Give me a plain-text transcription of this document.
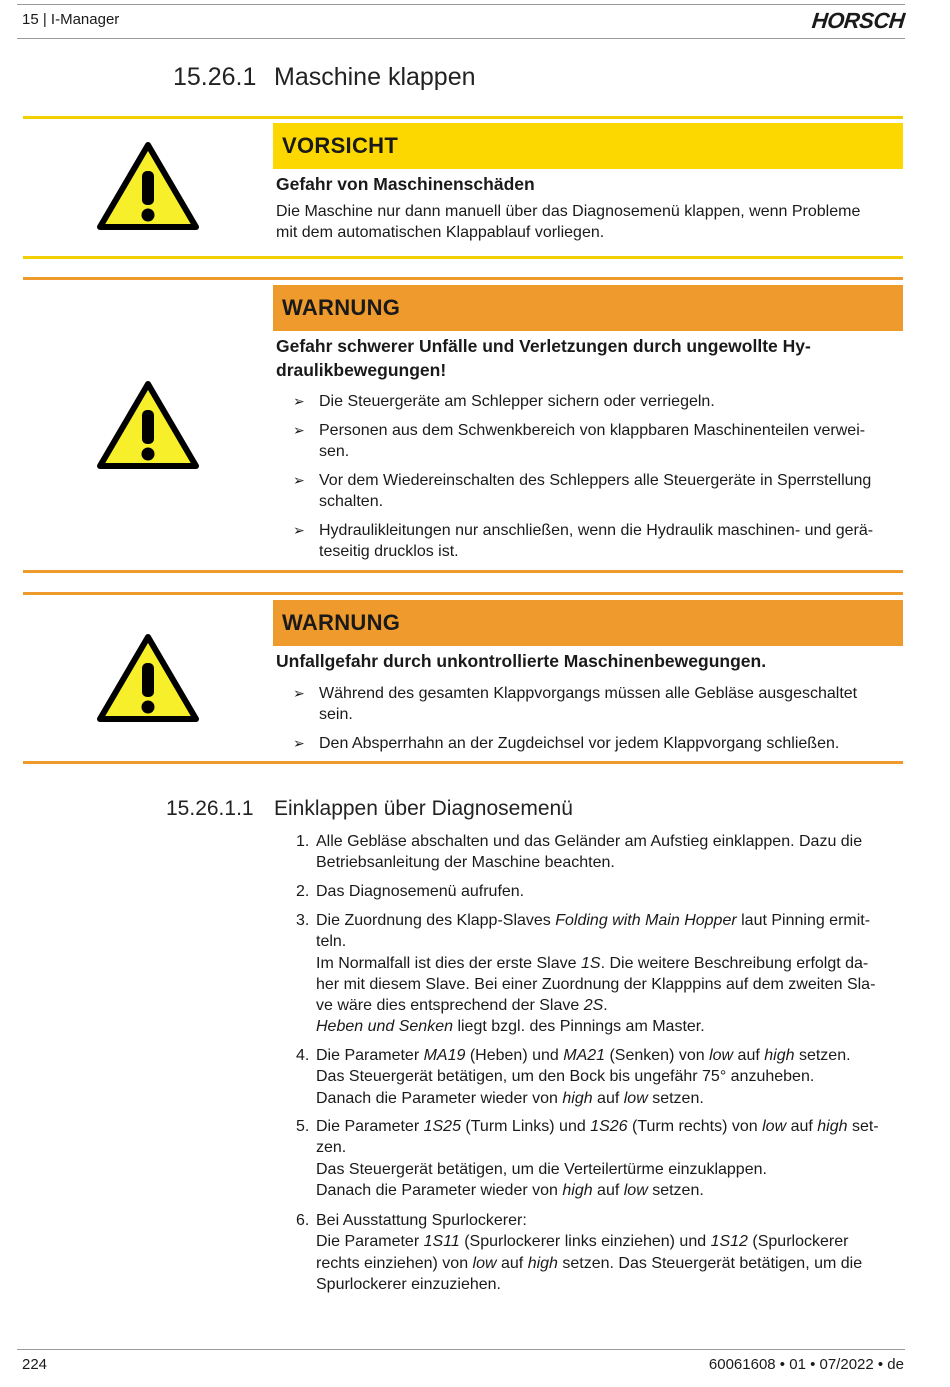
15 | I-Manager	HORSCH
15.26.1 Maschine klappen
VORSICHT
Gefahr von Maschinenschäden
Die Maschine nur dann manuell über das Diagnosemenü klappen, wenn Probleme
mit dem automatischen Klappablauf vorliegen.
WARNUNG
Gefahr schwerer Unfälle und Verletzungen durch ungewollte Hy-
draulikbewegungen!
➢ Die Steuergeräte am Schlepper sichern oder verriegeln.
➢ Personen aus dem Schwenkbereich von klappbaren Maschinenteilen verwei-
sen.
➢ Vor dem Wiedereinschalten des Schleppers alle Steuergeräte in Sperrstellung
schalten.
➢ Hydraulikleitungen nur anschließen, wenn die Hydraulik maschinen- und gerä-
teseitig drucklos ist.
WARNUNG
Unfallgefahr durch unkontrollierte Maschinenbewegungen.
➢ Während des gesamten Klappvorgangs müssen alle Gebläse ausgeschaltet
sein.
➢ Den Absperrhahn an der Zugdeichsel vor jedem Klappvorgang schließen.
15.26.1.1 Einklappen über Diagnosemenü
1. Alle Gebläse abschalten und das Geländer am Aufstieg einklappen. Dazu die
Betriebsanleitung der Maschine beachten.
2. Das Diagnosemenü aufrufen.
3. Die Zuordnung des Klapp-Slaves Folding with Main Hopper laut Pinning ermit-
teln.
Im Normalfall ist dies der erste Slave 1S. Die weitere Beschreibung erfolgt da-
her mit diesem Slave. Bei einer Zuordnung der Klapppins auf dem zweiten Sla-
ve wäre dies entsprechend der Slave 2S.
Heben und Senken liegt bzgl. des Pinnings am Master.
4. Die Parameter MA19 (Heben) und MA21 (Senken) von low auf high setzen.
Das Steuergerät betätigen, um den Bock bis ungefähr 75° anzuheben.
Danach die Parameter wieder von high auf low setzen.
5. Die Parameter 1S25 (Turm Links) und 1S26 (Turm rechts) von low auf high set-
zen.
Das Steuergerät betätigen, um die Verteilertürme einzuklappen.
Danach die Parameter wieder von high auf low setzen.
6. Bei Ausstattung Spurlockerer:
Die Parameter 1S11 (Spurlockerer links einziehen) und 1S12 (Spurlockerer
rechts einziehen) von low auf high setzen. Das Steuergerät betätigen, um die
Spurlockerer einzuziehen.
224	60061608 • 01 • 07/2022 • de
